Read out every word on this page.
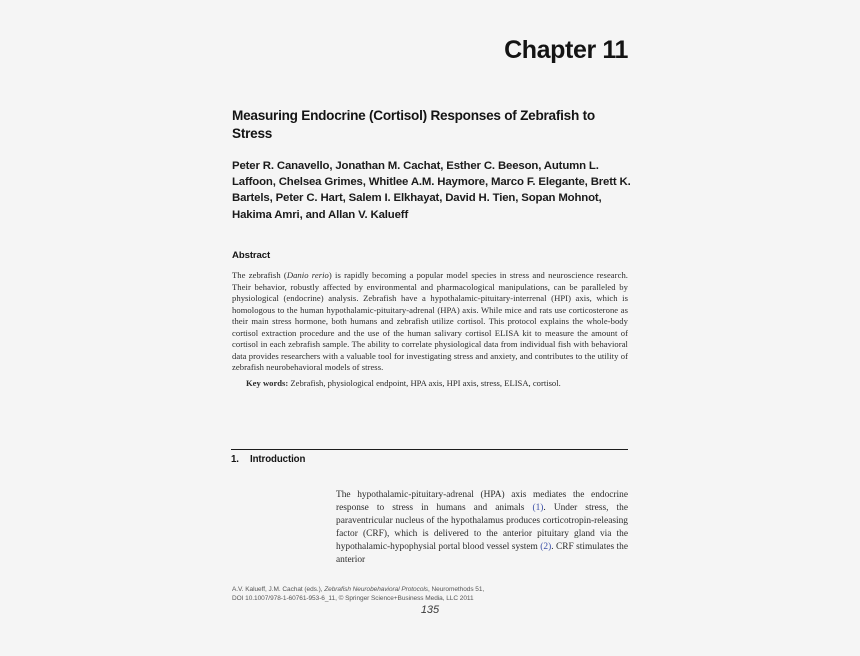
Chapter 11
Measuring Endocrine (Cortisol) Responses of Zebrafish to Stress
Peter R. Canavello, Jonathan M. Cachat, Esther C. Beeson, Autumn L. Laffoon, Chelsea Grimes, Whitlee A.M. Haymore, Marco F. Elegante, Brett K. Bartels, Peter C. Hart, Salem I. Elkhayat, David H. Tien, Sopan Mohnot, Hakima Amri, and Allan V. Kalueff
Abstract
The zebrafish (Danio rerio) is rapidly becoming a popular model species in stress and neuroscience research. Their behavior, robustly affected by environmental and pharmacological manipulations, can be paralleled by physiological (endocrine) analysis. Zebrafish have a hypothalamic-pituitary-interrenal (HPI) axis, which is homologous to the human hypothalamic-pituitary-adrenal (HPA) axis. While mice and rats use corticosterone as their main stress hormone, both humans and zebrafish utilize cortisol. This protocol explains the whole-body cortisol extraction procedure and the use of the human salivary cortisol ELISA kit to measure the amount of cortisol in each zebrafish sample. The ability to correlate physiological data from individual fish with behavioral data provides researchers with a valuable tool for investigating stress and anxiety, and contributes to the utility of zebrafish neurobehavioral models of stress.
Key words: Zebrafish, physiological endpoint, HPA axis, HPI axis, stress, ELISA, cortisol.
1. Introduction
The hypothalamic-pituitary-adrenal (HPA) axis mediates the endocrine response to stress in humans and animals (1). Under stress, the paraventricular nucleus of the hypothalamus produces corticotropin-releasing factor (CRF), which is delivered to the anterior pituitary gland via the hypothalamic-hypophysial portal blood vessel system (2). CRF stimulates the anterior
A.V. Kalueff, J.M. Cachat (eds.), Zebrafish Neurobehavioral Protocols, Neuromethods 51,
DOI 10.1007/978-1-60761-953-6_11, © Springer Science+Business Media, LLC 2011
135
